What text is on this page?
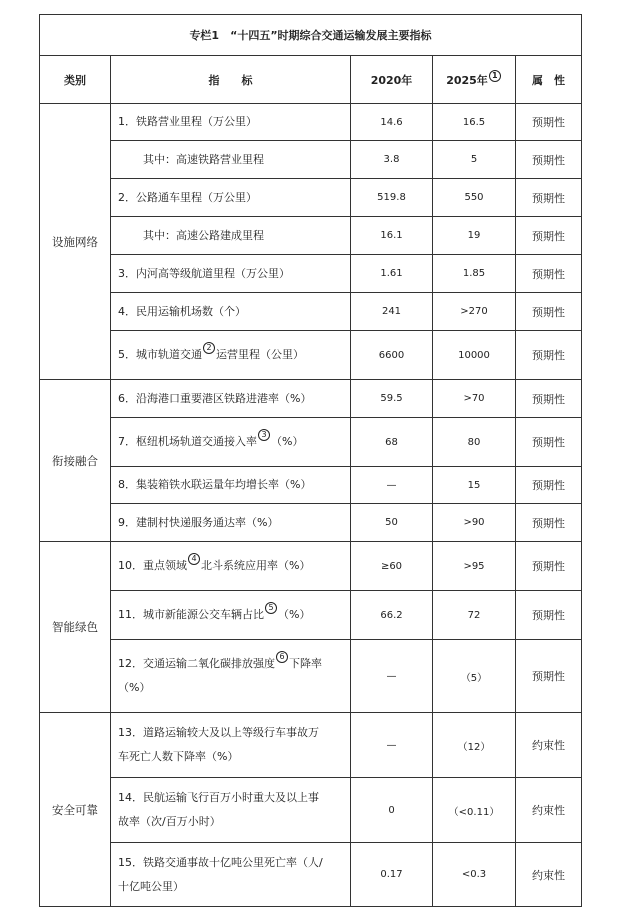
专栏1　“十四五”时期综合交通运输发展主要指标				
类别	指　　标	2020年	2025年 1	属　性
设施网络	1．铁路营业里程（万公里）	14.6	16.5	预期性
	其中：高速铁路营业里程	3.8	5	预期性
	2．公路通车里程（万公里）	519.8	550	预期性
	其中：高速公路建成里程	16.1	19	预期性
	3．内河高等级航道里程（万公里）	1.61	1.85	预期性
	4．民用运输机场数（个）	241	>270	预期性
	5．城市轨道交通2运营里程（公里）	6600	10000	预期性
衔接融合	6．沿海港口重要港区铁路进港率（%）	59.5	>70	预期性
	7．枢纽机场轨道交通接入率3（%）	68	80	预期性
	8．集装箱铁水联运量年均增长率（%）	—	15	预期性
	9．建制村快递服务通达率（%）	50	>90	预期性
智能绿色	10．重点领域4北斗系统应用率（%）	≥60	>95	预期性
	11．城市新能源公交车辆占比5（%）	66.2	72	预期性
	12．交通运输二氧化碳排放强度6下降率
（%）	—	（5）	预期性
安全可靠	13．道路运输较大及以上等级行车事故万
车死亡人数下降率（%）	—	（12）	约束性
	14．民航运输飞行百万小时重大及以上事
故率（次/百万小时）	0	（<0.11）	约束性
	15．铁路交通事故十亿吨公里死亡率（人/
十亿吨公里）	0.17	<0.3	约束性
